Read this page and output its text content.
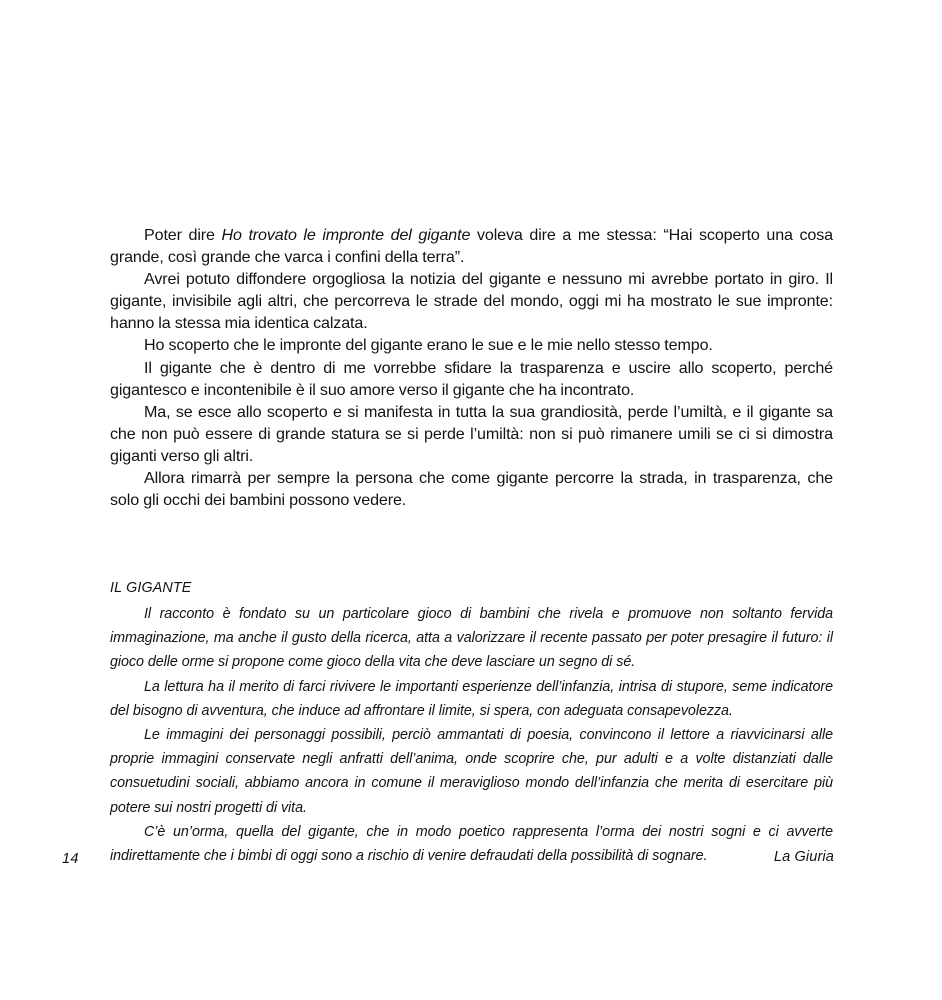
Poter dire Ho trovato le impronte del gigante voleva dire a me stessa: “Hai scoperto una cosa grande, così grande che varca i confini della terra”.

Avrei potuto diffondere orgogliosa la notizia del gigante e nessuno mi avrebbe portato in giro. Il gigante, invisibile agli altri, che percorreva le strade del mondo, oggi mi ha mostrato le sue impronte: hanno la stessa mia identica calzata.

Ho scoperto che le impronte del gigante erano le sue e le mie nello stesso tempo.

Il gigante che è dentro di me vorrebbe sfidare la trasparenza e uscire allo scoperto, perché gigantesco e incontenibile è il suo amore verso il gigante che ha incontrato.

Ma, se esce allo scoperto e si manifesta in tutta la sua grandiosità, perde l’umiltà, e il gigante sa che non può essere di grande statura se si perde l’umiltà: non si può rimanere umili se ci si dimostra giganti verso gli altri.

Allora rimarrà per sempre la persona che come gigante percorre la strada, in trasparenza, che solo gli occhi dei bambini possono vedere.

IL GIGANTE

Il racconto è fondato su un particolare gioco di bambini che rivela e promuove non soltanto fervida immaginazione, ma anche il gusto della ricerca, atta a valorizzare il recente passato per poter presagire il futuro: il gioco delle orme si propone come gioco della vita che deve lasciare un segno di sé.

La lettura ha il merito di farci rivivere le importanti esperienze dell’infanzia, intrisa di stupore, seme indicatore del bisogno di avventura, che induce ad affrontare il limite, si spera, con adeguata consapevolezza.

Le immagini dei personaggi possibili, perciò ammantati di poesia, convincono il lettore a riavvicinarsi alle proprie immagini conservate negli anfratti dell’anima, onde scoprire che, pur adulti e a volte distanziati dalle consuetudini sociali, abbiamo ancora in comune il meraviglioso mondo dell’infanzia che merita di esercitare più potere sui nostri progetti di vita.

C’è un’orma, quella del gigante, che in modo poetico rappresenta l’orma dei nostri sogni e ci avverte indirettamente che i bimbi di oggi sono a rischio di venire defraudati della possibilità di sognare.

14	La Giuria
